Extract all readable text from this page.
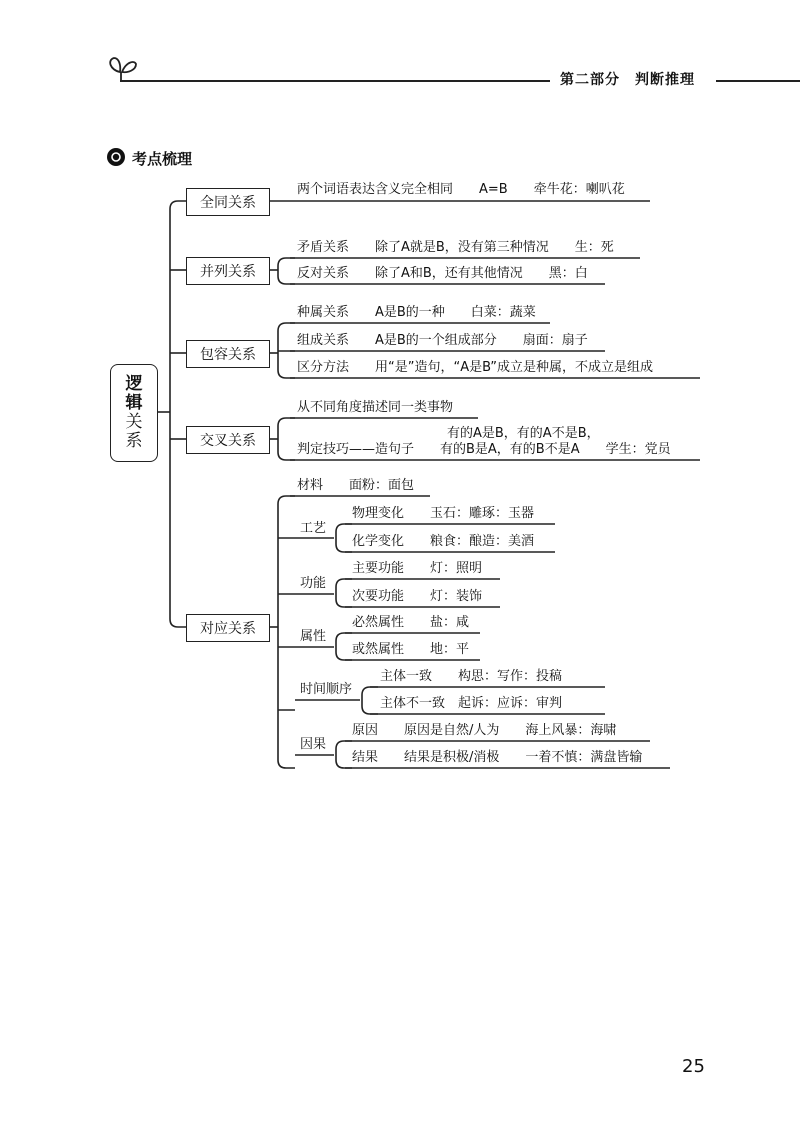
第二部分　判断推理
考点梳理
逻
辑
关
系
全同关系
并列关系
包容关系
交叉关系
对应关系
两个词语表达含义完全相同　　A=B　　牵牛花：喇叭花
矛盾关系　　除了A就是B，没有第三种情况　　生：死
反对关系　　除了A和B，还有其他情况　　黑：白
种属关系　　A是B的一种　　白菜：蔬菜
组成关系　　A是B的一个组成部分　　扇面：扇子
区分方法　　用“是”造句，“A是B”成立是种属，不成立是组成
从不同角度描述同一类事物
有的A是B，有的A不是B，
判定技巧——造句子　　有的B是A，有的B不是A　　学生：党员
材料　　面粉：面包
工艺
物理变化　　玉石：雕琢：玉器
化学变化　　粮食：酿造：美酒
功能
主要功能　　灯：照明
次要功能　　灯：装饰
属性
必然属性　　盐：咸
或然属性　　地：平
时间顺序
主体一致　　构思：写作：投稿
主体不一致　起诉：应诉：审判
因果
原因　　原因是自然/人为　　海上风暴：海啸
结果　　结果是积极/消极　　一着不慎：满盘皆输
25
